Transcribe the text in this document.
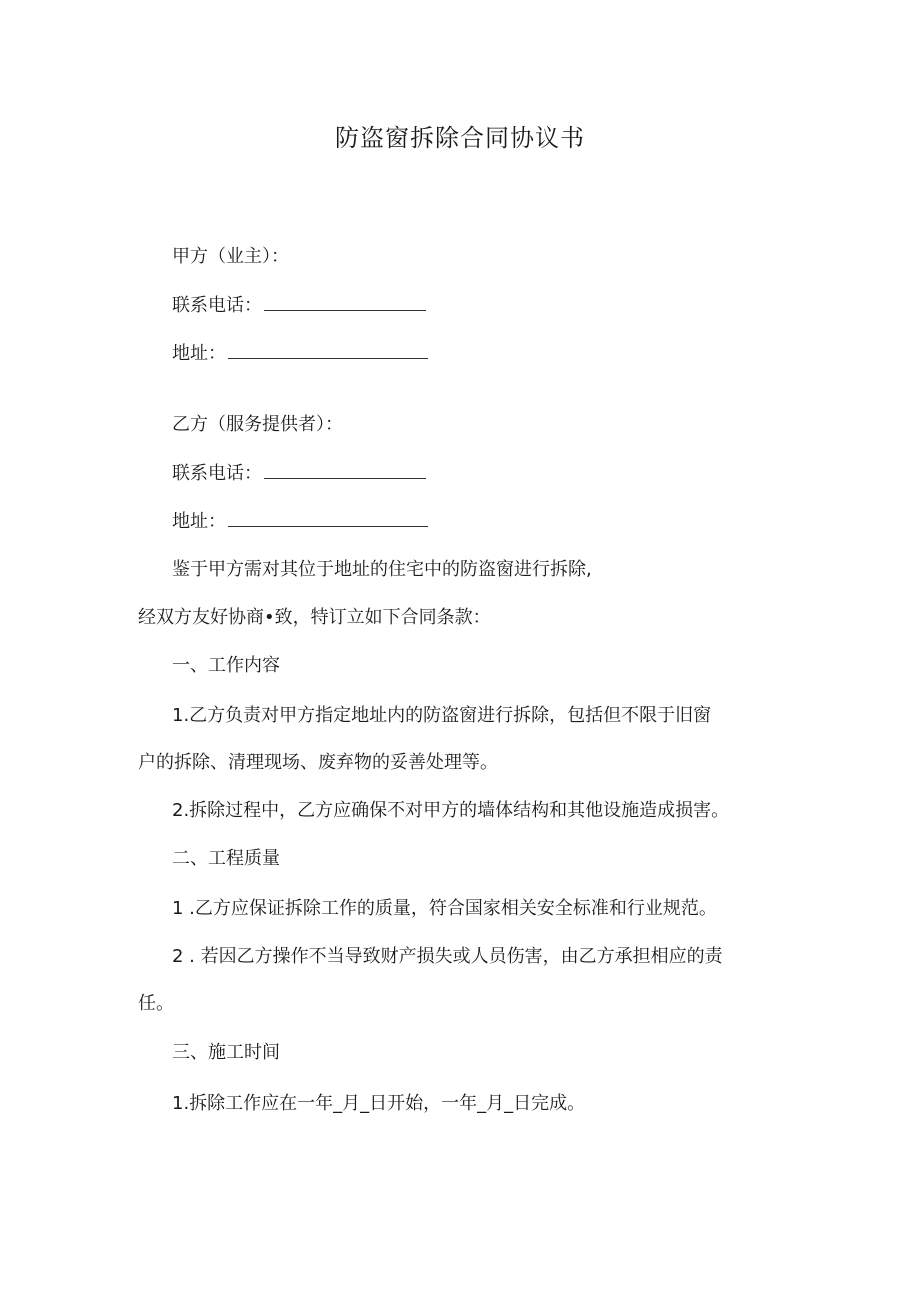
防盗窗拆除合同协议书
甲方（业主）：
联系电话：
地址：
乙方（服务提供者）：
联系电话：
地址：
鉴于甲方需对其位于地址的住宅中的防盗窗进行拆除,
经双方友好协商•致，特订立如下合同条款：
一、工作内容
1.乙方负责对甲方指定地址内的防盗窗进行拆除，包括但不限于旧窗
户的拆除、清理现场、废弃物的妥善处理等。
2.拆除过程中，乙方应确保不对甲方的墙体结构和其他设施造成损害。
二、工程质量
1 .乙方应保证拆除工作的质量，符合国家相关安全标准和行业规范。
2 . 若因乙方操作不当导致财产损失或人员伤害，由乙方承担相应的责
任。
三、施工时间
1.拆除工作应在一年_月_日开始，一年_月_日完成。
